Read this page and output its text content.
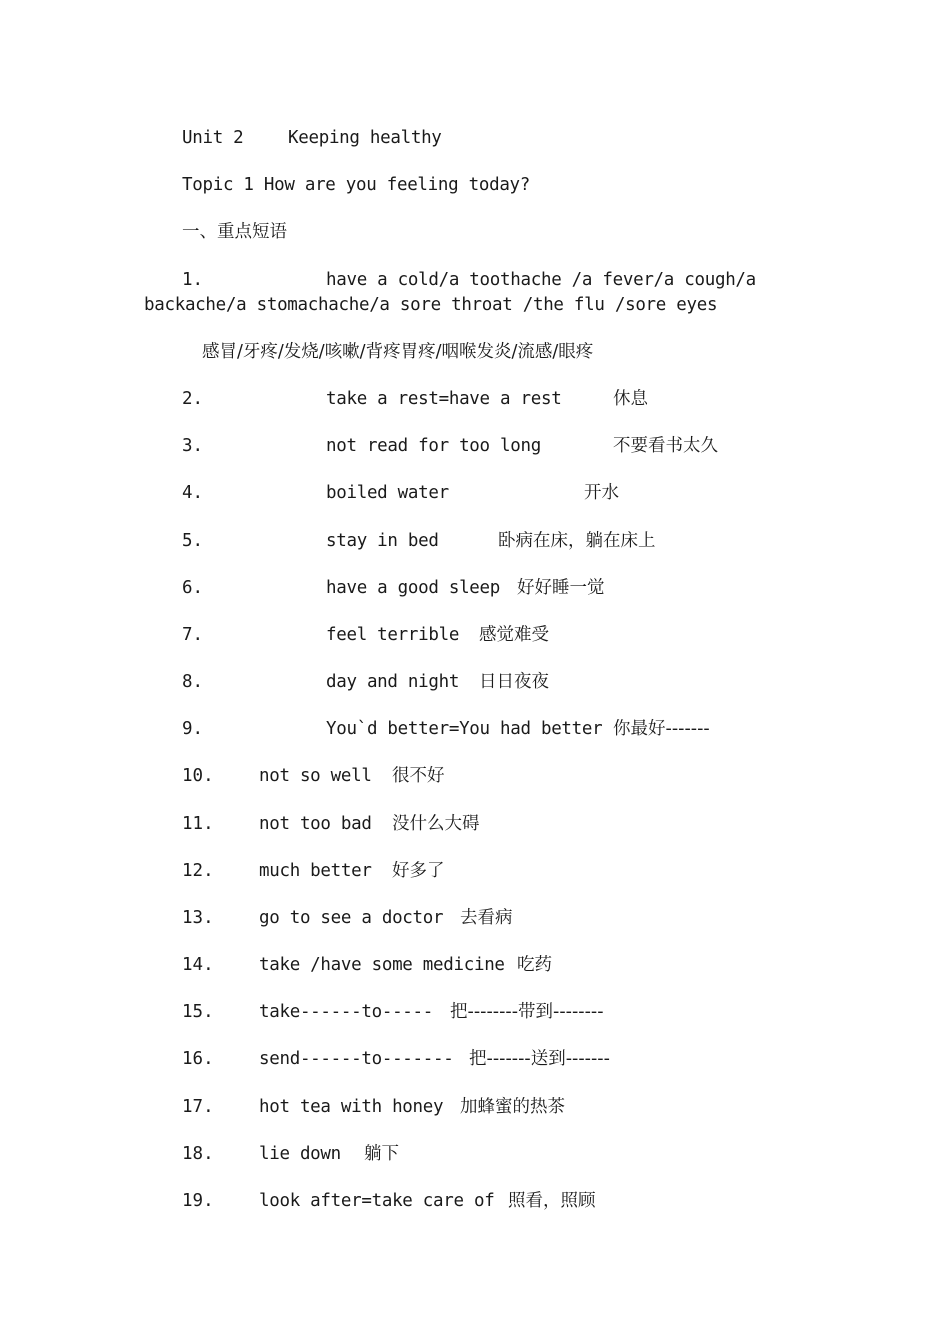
Unit 2	Keeping healthy
Topic 1 How are you feeling today?
一、重点短语
1.	have a cold/a toothache /a fever/a cough/a
backache/a stomachache/a sore throat /the flu /sore eyes
感冒/牙疼/发烧/咳嗽/背疼胃疼/咽喉发炎/流感/眼疼
2.	take a rest=have a rest	休息
3.	not read for too long	不要看书太久
4.	boiled water	开水
5.	stay in bed	卧病在床，躺在床上
6.	have a good sleep 好好睡一觉
7.	feel terrible 感觉难受
8.	day and night 日日夜夜
9.	You`d better=You had better 你最好-------
10.	not so well 很不好
11.	not too bad 没什么大碍
12.	much better 好多了
13.	go to see a doctor 去看病
14.	take /have some medicine 吃药
15.	take------to----- 把--------带到--------
16.	send------to------- 把-------送到-------
17.	hot tea with honey 加蜂蜜的热茶
18.	lie down 躺下
19.	look after=take care of 照看，照顾
